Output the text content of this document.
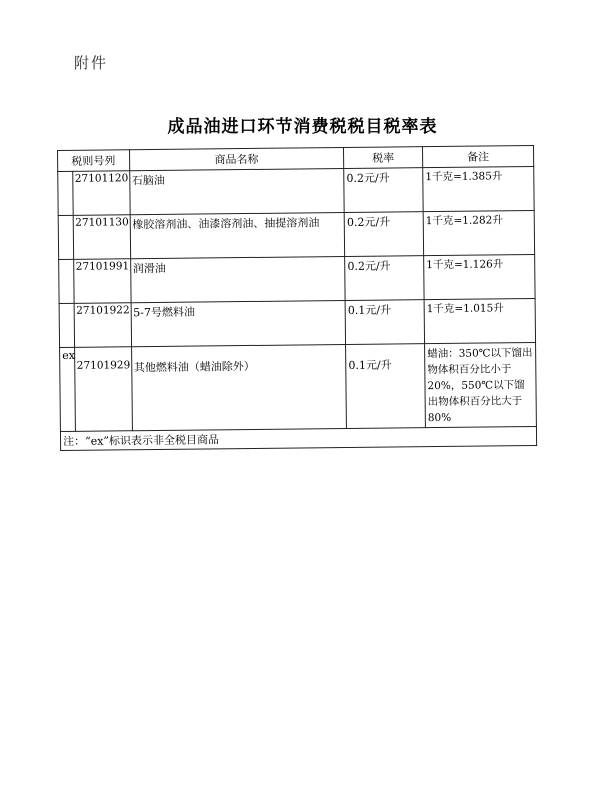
附件
成品油进口环节消费税税目税率表
税则号列		商品名称	税率	备注
	27101120	石脑油	0.2元/升	1千克=1.385升
	27101130	橡胶溶剂油、油漆溶剂油、抽提溶剂油	0.2元/升	1千克=1.282升
	27101991	润滑油	0.2元/升	1千克=1.126升
	27101922	5-7号燃料油	0.1元/升	1千克=1.015升
ex	27101929	其他燃料油（蜡油除外）	0.1元/升	蜡油：350℃以下馏出物体积百分比小于20%，550℃以下馏出物体积百分比大于80%
注：“ex”标识表示非全税目商品				
